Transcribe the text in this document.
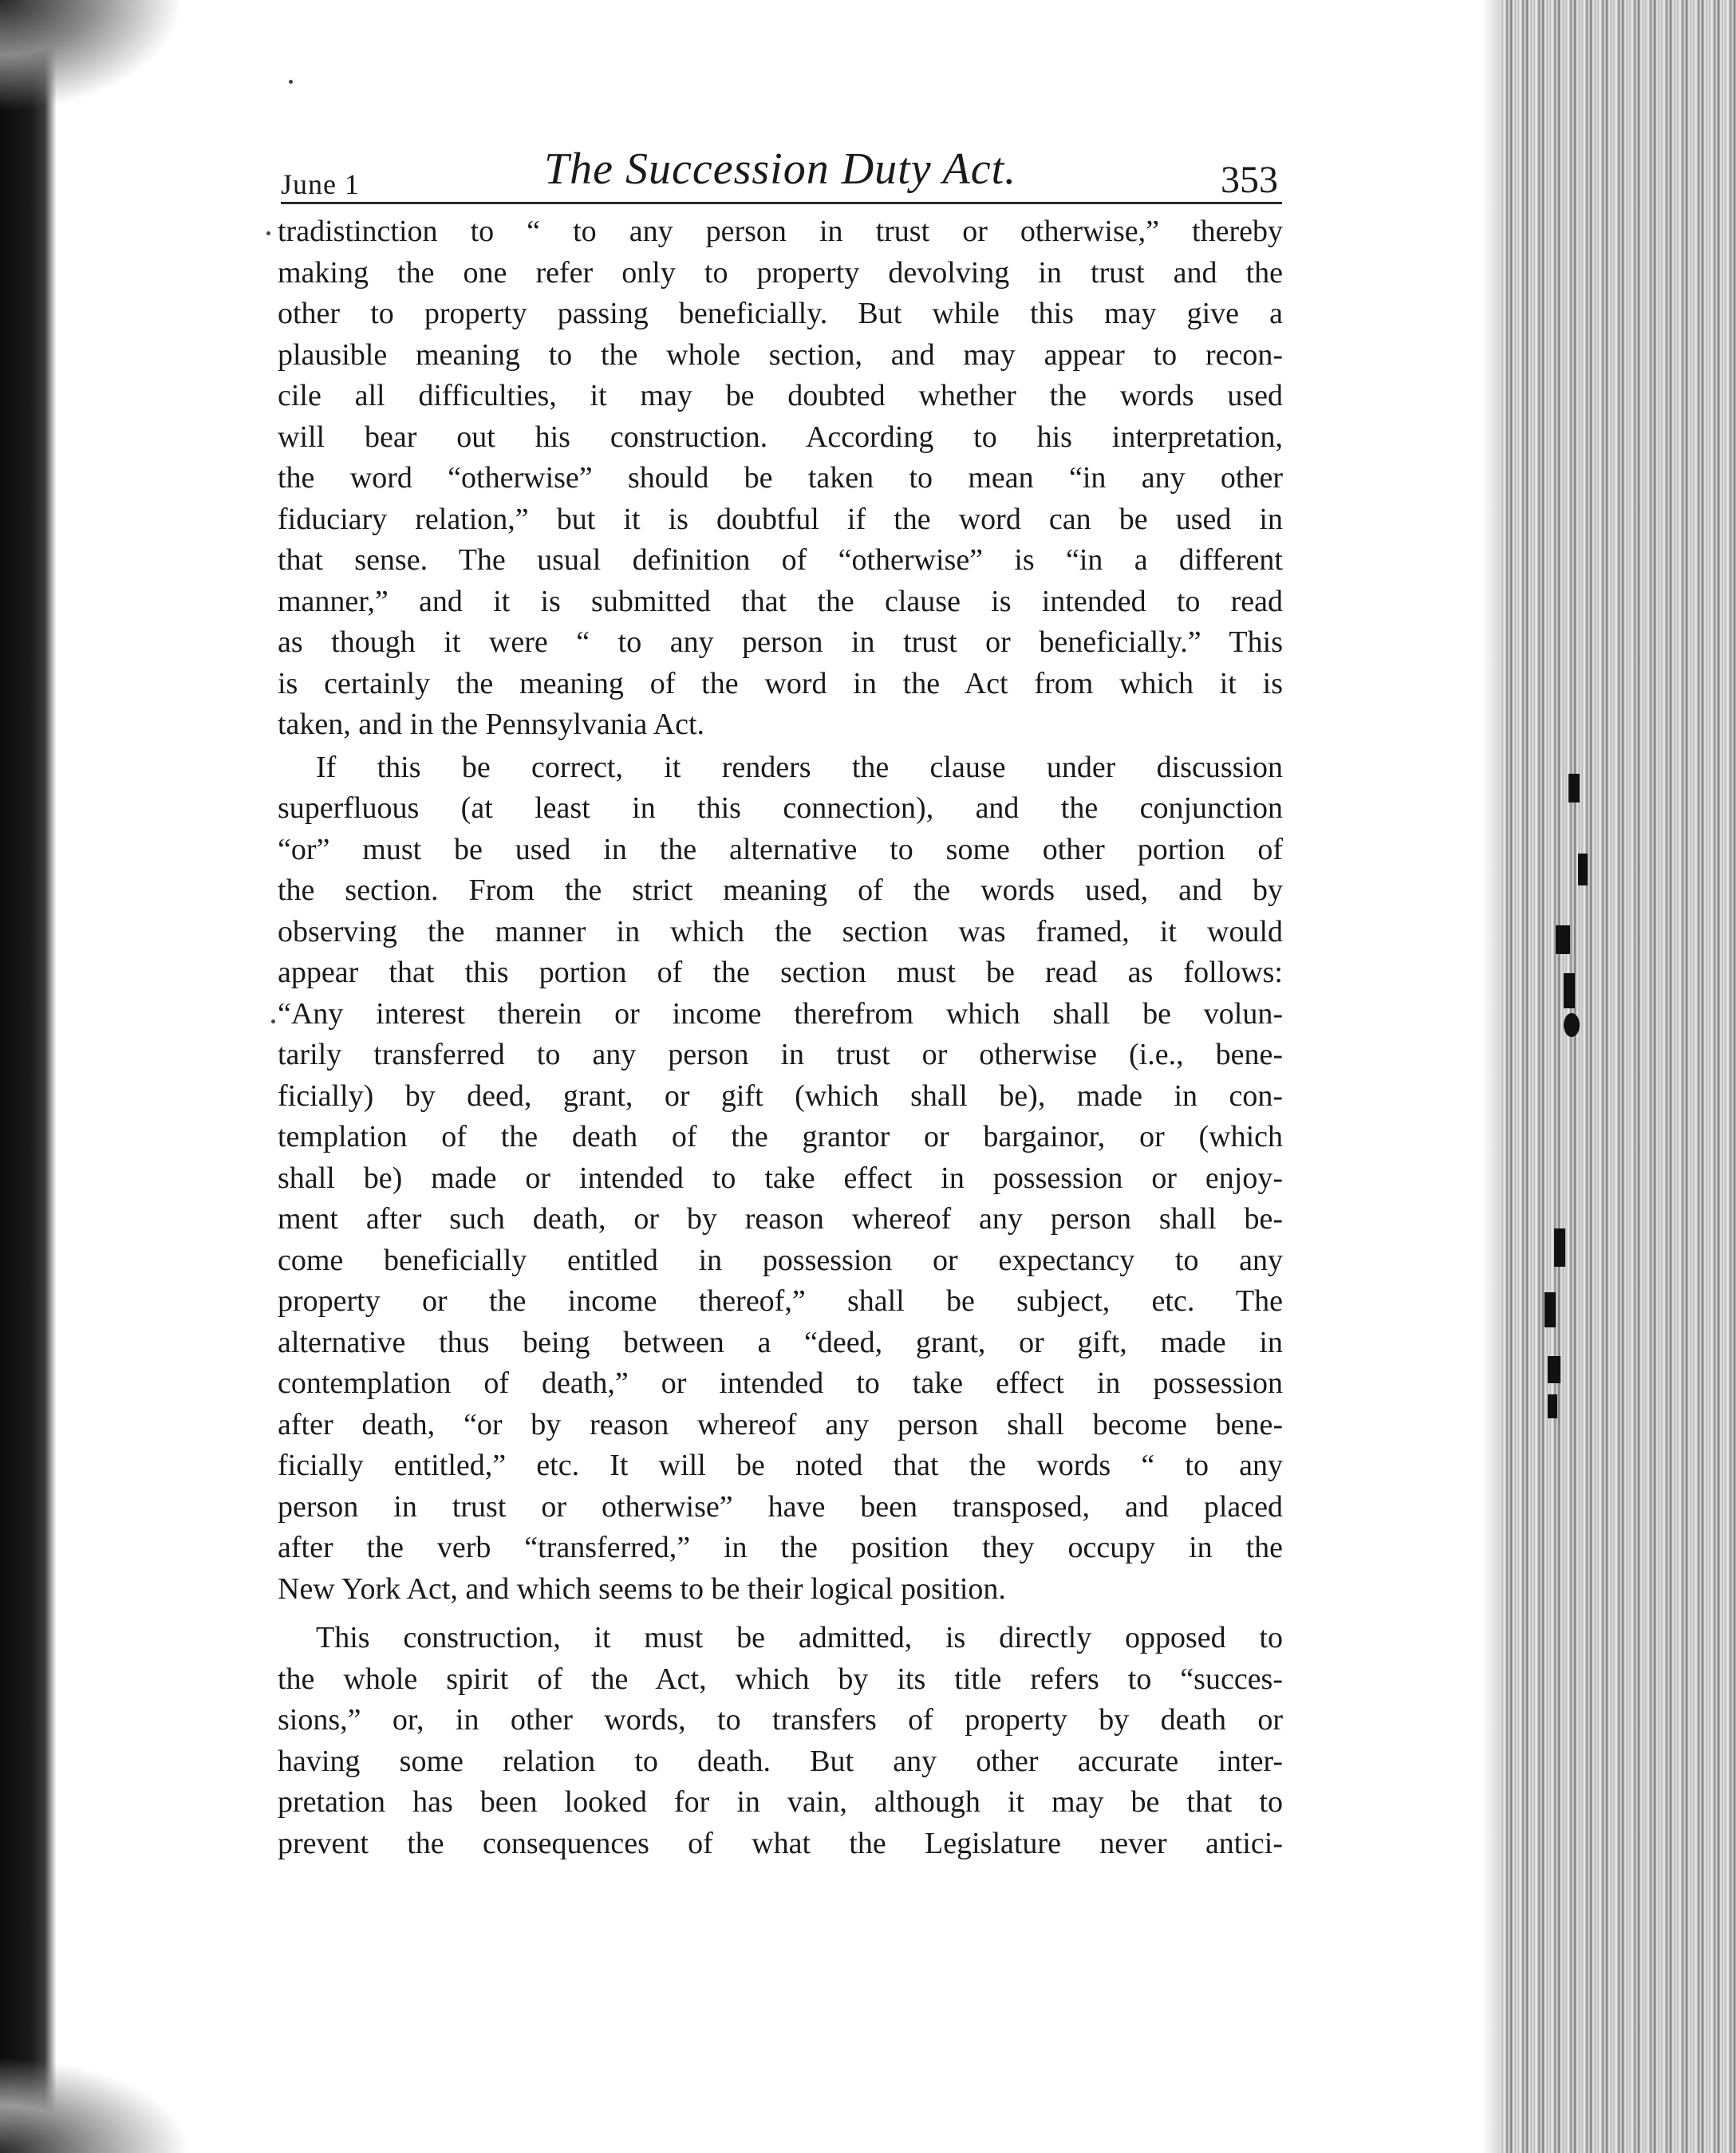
June 1	The Succession Duty Act.	353

tradistinction to “ to any person in trust or otherwise,” thereby
making the one refer only to property devolving in trust and the
other to property passing beneficially. But while this may give a
plausible meaning to the whole section, and may appear to recon-
cile all difficulties, it may be doubted whether the words used
will bear out his construction. According to his interpretation,
the word “otherwise” should be taken to mean “in any other
fiduciary relation,” but it is doubtful if the word can be used in
that sense. The usual definition of “otherwise” is “in a different
manner,” and it is submitted that the clause is intended to read
as though it were “ to any person in trust or beneficially.” This
is certainly the meaning of the word in the Act from which it is
taken, and in the Pennsylvania Act.

If this be correct, it renders the clause under discussion
superfluous (at least in this connection), and the conjunction
“or” must be used in the alternative to some other portion of
the section. From the strict meaning of the words used, and by
observing the manner in which the section was framed, it would
appear that this portion of the section must be read as follows:
“Any interest therein or income therefrom which shall be volun-
tarily transferred to any person in trust or otherwise (i.e., bene-
ficially) by deed, grant, or gift (which shall be), made in con-
templation of the death of the grantor or bargainor, or (which
shall be) made or intended to take effect in possession or enjoy-
ment after such death, or by reason whereof any person shall be-
come beneficially entitled in possession or expectancy to any
property or the income thereof,” shall be subject, etc. The
alternative thus being between a “deed, grant, or gift, made in
contemplation of death,” or intended to take effect in possession
after death, “or by reason whereof any person shall become bene-
ficially entitled,” etc. It will be noted that the words “ to any
person in trust or otherwise” have been transposed, and placed
after the verb “transferred,” in the position they occupy in the
New York Act, and which seems to be their logical position.

This construction, it must be admitted, is directly opposed to
the whole spirit of the Act, which by its title refers to “succes-
sions,” or, in other words, to transfers of property by death or
having some relation to death. But any other accurate inter-
pretation has been looked for in vain, although it may be that to
prevent the consequences of what the Legislature never antici-
